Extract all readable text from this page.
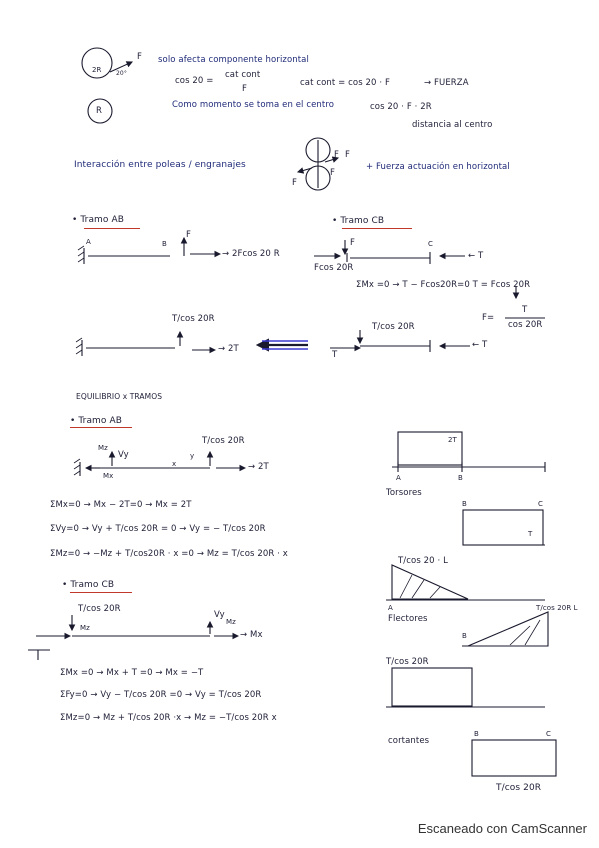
2R
F
20°
R
solo afecta componente horizontal
cos 20 =
cat cont
F
cat cont = cos 20 · F	→ FUERZA
Como momento se toma en el centro	cos 20 · F · 2R
distancia al centro
Interacción entre poleas / engranajes
F F
F
F
+ Fuerza actuación en horizontal
• Tramo AB
A	B
F
→ 2Fcos 20 R
• Tramo CB
F	C
← T
Fcos 20R
ΣMx =0 → T − Fcos20R=0 T = Fcos 20R
F=
T
cos 20R
T/cos 20R
→ 2T
T/cos 20R
T
← T
EQUILIBRIO x TRAMOS
• Tramo AB
Mz
Vy
Mx
x
y
T/cos 20R
→ 2T
ΣMx=0 → Mx − 2T=0 → Mx = 2T
ΣVy=0 → Vy + T/cos 20R = 0 → Vy = − T/cos 20R
ΣMz=0 → −Mz + T/cos20R · x =0 → Mz = T/cos 20R · x
• Tramo CB
T/cos 20R
Mz
Vy
Mz
→ Mx
ΣMx =0 → Mx + T =0 → Mx = −T
ΣFy=0 → Vy − T/cos 20R =0 → Vy = T/cos 20R
ΣMz=0 → Mz + T/cos 20R ·x → Mz = −T/cos 20R x
2T
A	B
Torsores
B	C
T
T/cos 20 · L
A	T/cos 20R L
Flectores
B
T/cos 20R
cortantes
B	C
T/cos 20R
Escaneado con CamScanner
